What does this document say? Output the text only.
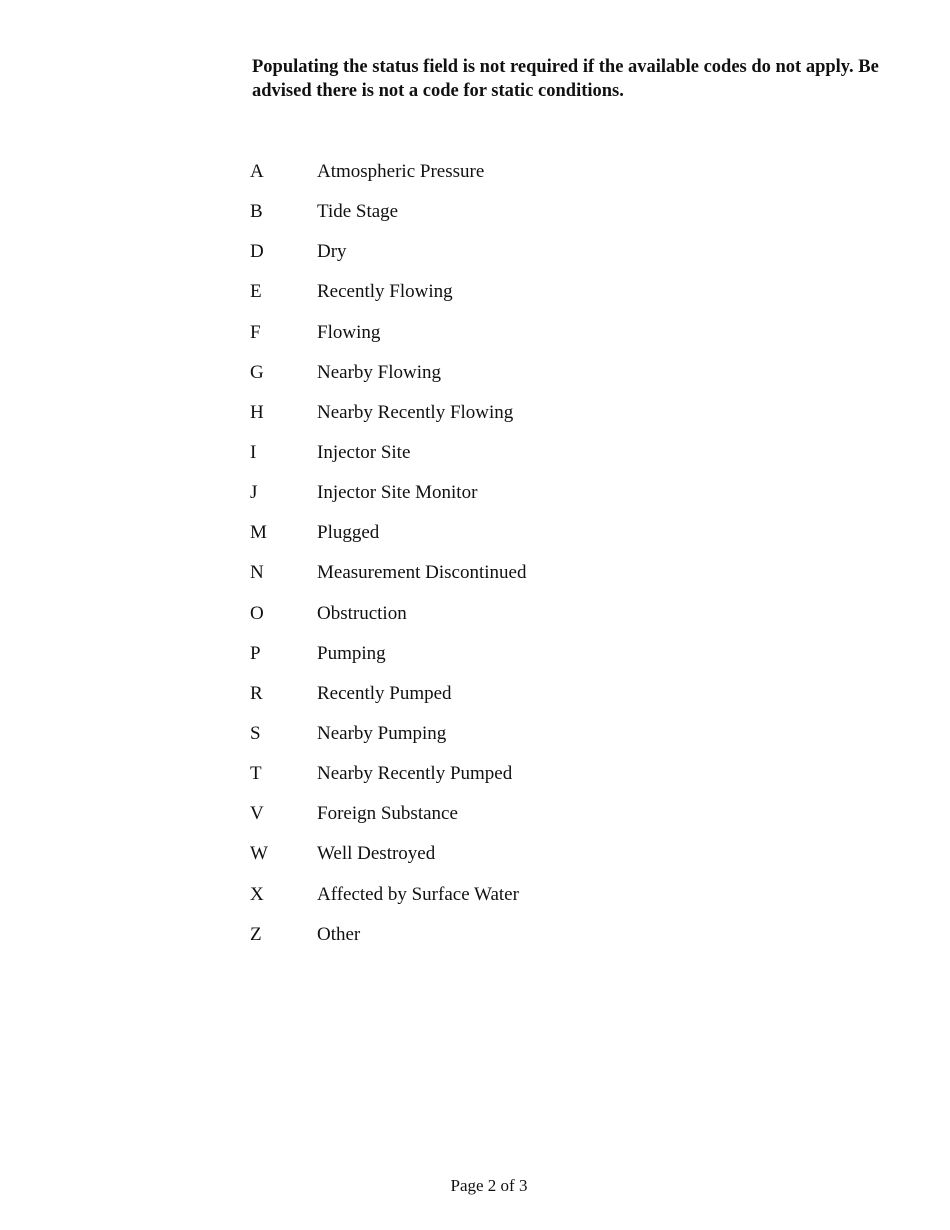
Populating the status field is not required if the available codes do not apply. Be advised there is not a code for static conditions.
A	Atmospheric Pressure
B	Tide Stage
D	Dry
E	Recently Flowing
F	Flowing
G	Nearby Flowing
H	Nearby Recently Flowing
I	Injector Site
J	Injector Site Monitor
M	Plugged
N	Measurement Discontinued
O	Obstruction
P	Pumping
R	Recently Pumped
S	Nearby Pumping
T	Nearby Recently Pumped
V	Foreign Substance
W	Well Destroyed
X	Affected by Surface Water
Z	Other
Page 2 of 3
